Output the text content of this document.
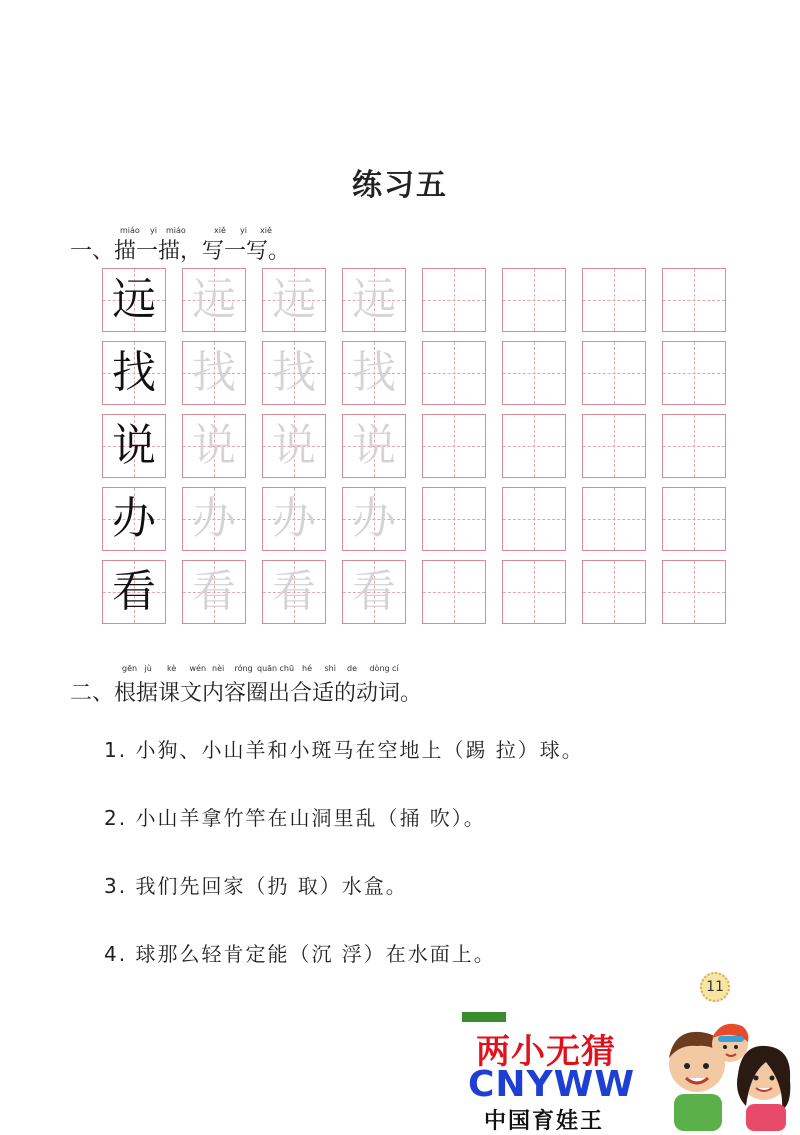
练习五
miáo yi miáo	xiě yi xiě
一、描一描，写一写。
远 远 远 远
找 找 找 找
说 说 说 说
办 办 办 办
看 看 看 看
gēn jù kè wén nèi róng quān chū hé shì de dòng cí
二、根据课文内容圈出合适的动词。
1. 小狗、小山羊和小斑马在空地上（踢 拉）球。
2. 小山羊拿竹竿在山洞里乱（捅 吹）。
3. 我们先回家（扔 取）水盒。
4. 球那么轻肯定能（沉 浮）在水面上。
11
两小无猜
CNYWW
中国育娃王
